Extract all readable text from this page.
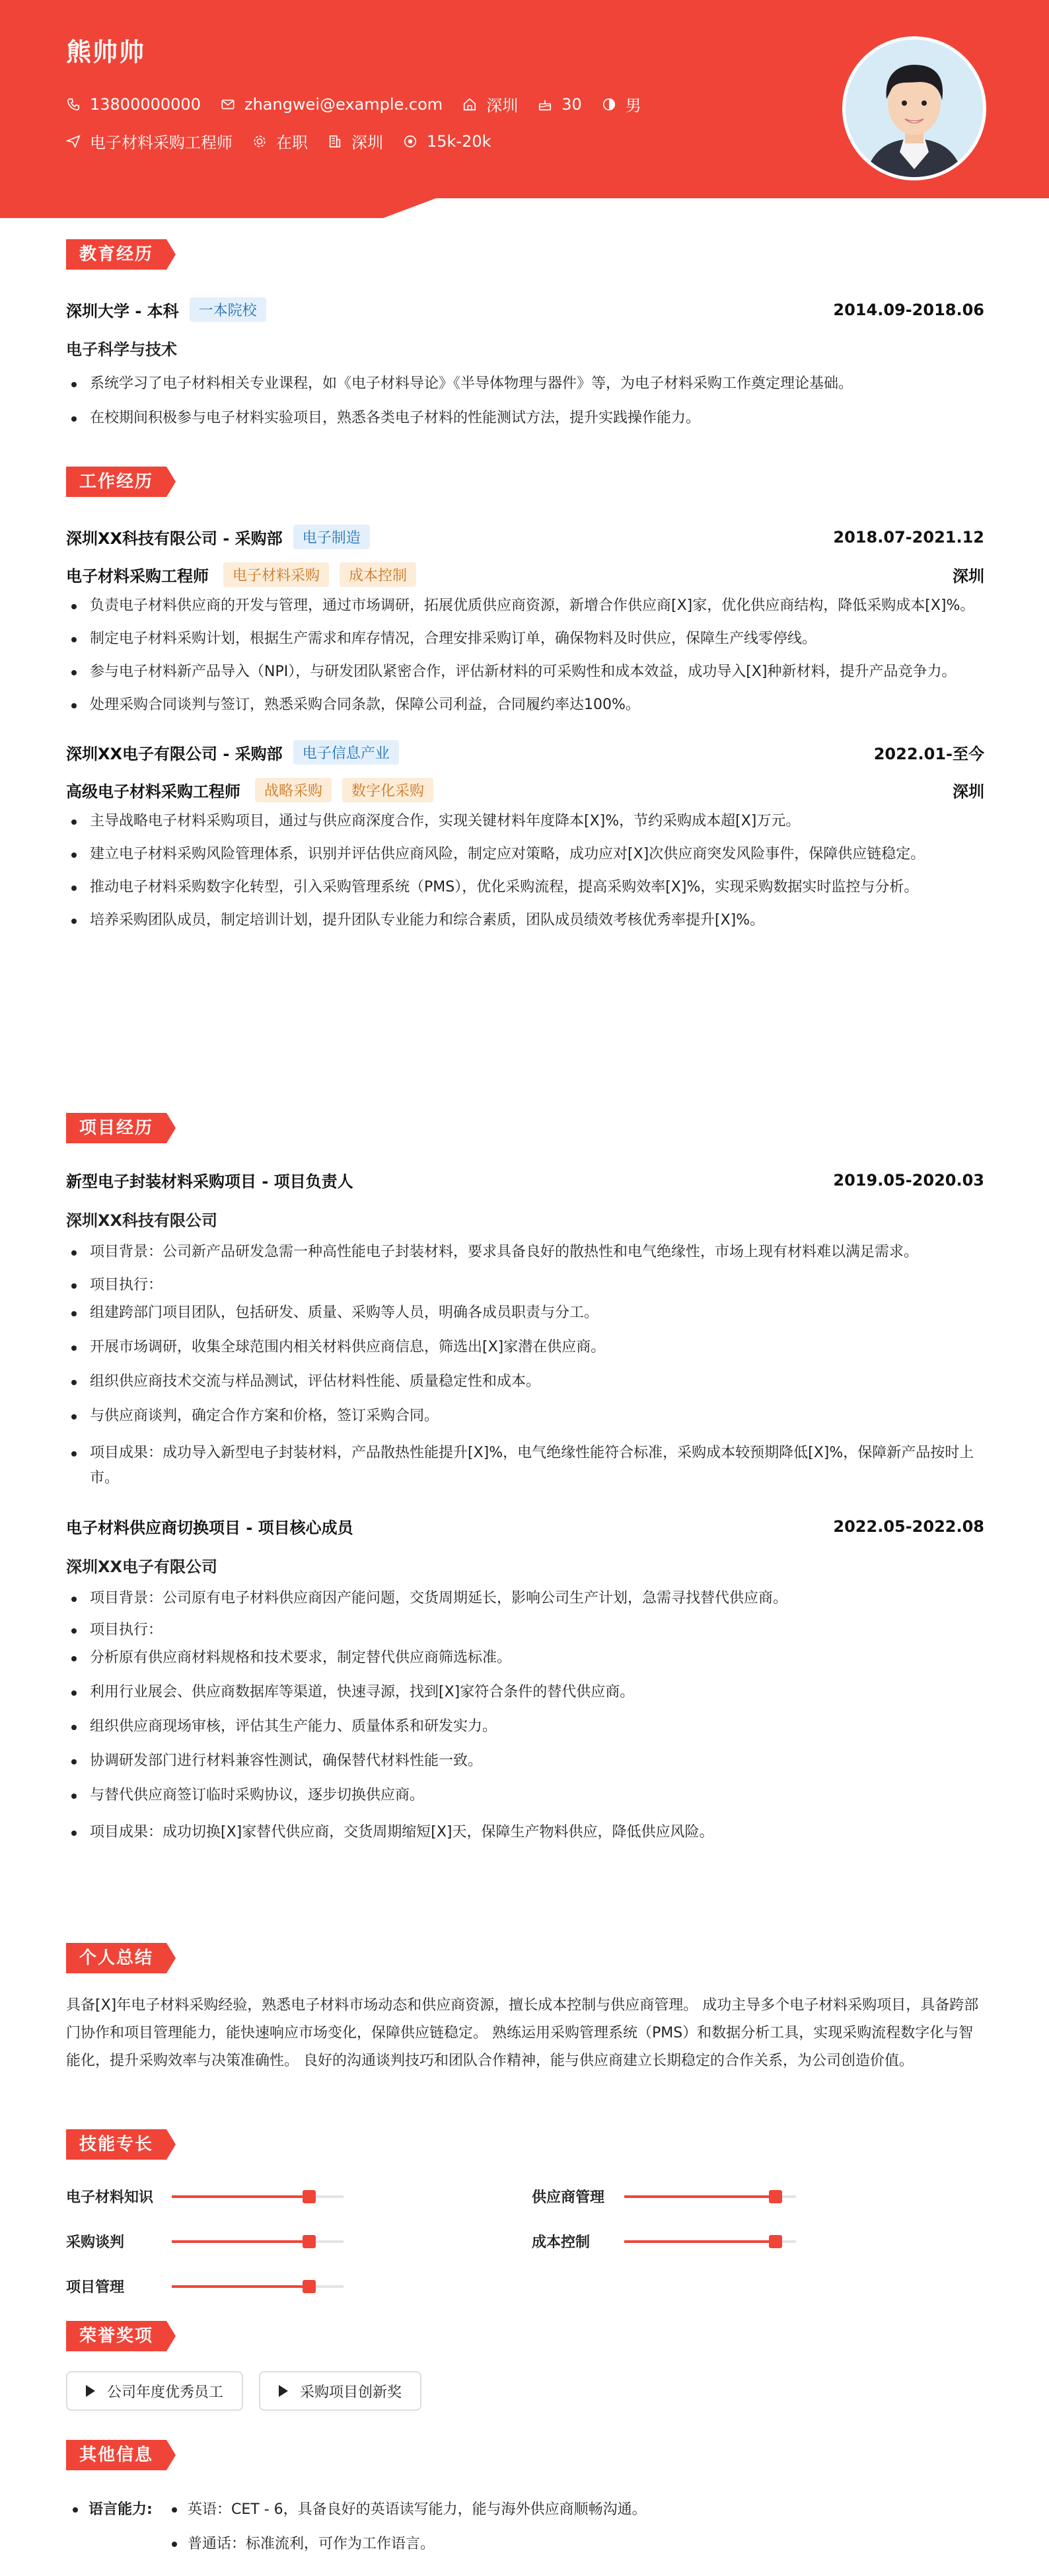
熊帅帅
13800000000	zhangwei@example.com	深圳	30	男
电子材料采购工程师	在职	深圳	15k-20k
教育经历
深圳大学 - 本科	一本院校	2014.09-2018.06
电子科学与技术
系统学习了电子材料相关专业课程，如《电子材料导论》《半导体物理与器件》等，为电子材料采购工作奠定理论基础。
在校期间积极参与电子材料实验项目，熟悉各类电子材料的性能测试方法，提升实践操作能力。
工作经历
深圳XX科技有限公司 - 采购部	电子制造	2018.07-2021.12
电子材料采购工程师	电子材料采购	成本控制	深圳
负责电子材料供应商的开发与管理，通过市场调研，拓展优质供应商资源，新增合作供应商[X]家，优化供应商结构，降低采购成本[X]%。
制定电子材料采购计划，根据生产需求和库存情况，合理安排采购订单，确保物料及时供应，保障生产线零停线。
参与电子材料新产品导入（NPI），与研发团队紧密合作，评估新材料的可采购性和成本效益，成功导入[X]种新材料，提升产品竞争力。
处理采购合同谈判与签订，熟悉采购合同条款，保障公司利益，合同履约率达100%。
深圳XX电子有限公司 - 采购部	电子信息产业	2022.01-至今
高级电子材料采购工程师	战略采购	数字化采购	深圳
主导战略电子材料采购项目，通过与供应商深度合作，实现关键材料年度降本[X]%，节约采购成本超[X]万元。
建立电子材料采购风险管理体系，识别并评估供应商风险，制定应对策略，成功应对[X]次供应商突发风险事件，保障供应链稳定。
推动电子材料采购数字化转型，引入采购管理系统（PMS），优化采购流程，提高采购效率[X]%，实现采购数据实时监控与分析。
培养采购团队成员，制定培训计划，提升团队专业能力和综合素质，团队成员绩效考核优秀率提升[X]%。
项目经历
新型电子封装材料采购项目 - 项目负责人	2019.05-2020.03
深圳XX科技有限公司
项目背景：公司新产品研发急需一种高性能电子封装材料，要求具备良好的散热性和电气绝缘性，市场上现有材料难以满足需求。
项目执行：
组建跨部门项目团队，包括研发、质量、采购等人员，明确各成员职责与分工。
开展市场调研，收集全球范围内相关材料供应商信息，筛选出[X]家潜在供应商。
组织供应商技术交流与样品测试，评估材料性能、质量稳定性和成本。
与供应商谈判，确定合作方案和价格，签订采购合同。
项目成果：成功导入新型电子封装材料，产品散热性能提升[X]%，电气绝缘性能符合标准，采购成本较预期降低[X]%，保障新产品按时上市。
电子材料供应商切换项目 - 项目核心成员	2022.05-2022.08
深圳XX电子有限公司
项目背景：公司原有电子材料供应商因产能问题，交货周期延长，影响公司生产计划，急需寻找替代供应商。
项目执行：
分析原有供应商材料规格和技术要求，制定替代供应商筛选标准。
利用行业展会、供应商数据库等渠道，快速寻源，找到[X]家符合条件的替代供应商。
组织供应商现场审核，评估其生产能力、质量体系和研发实力。
协调研发部门进行材料兼容性测试，确保替代材料性能一致。
与替代供应商签订临时采购协议，逐步切换供应商。
项目成果：成功切换[X]家替代供应商，交货周期缩短[X]天，保障生产物料供应，降低供应风险。
个人总结
具备[X]年电子材料采购经验，熟悉电子材料市场动态和供应商资源，擅长成本控制与供应商管理。 成功主导多个电子材料采购项目，具备跨部门协作和项目管理能力，能快速响应市场变化，保障供应链稳定。 熟练运用采购管理系统（PMS）和数据分析工具，实现采购流程数字化与智能化，提升采购效率与决策准确性。 良好的沟通谈判技巧和团队合作精神，能与供应商建立长期稳定的合作关系，为公司创造价值。
技能专长
电子材料知识	供应商管理
采购谈判	成本控制
项目管理
荣誉奖项
公司年度优秀员工	采购项目创新奖
其他信息
语言能力: 英语：CET - 6，具备良好的英语读写能力，能与海外供应商顺畅沟通。
普通话：标准流利，可作为工作语言。
